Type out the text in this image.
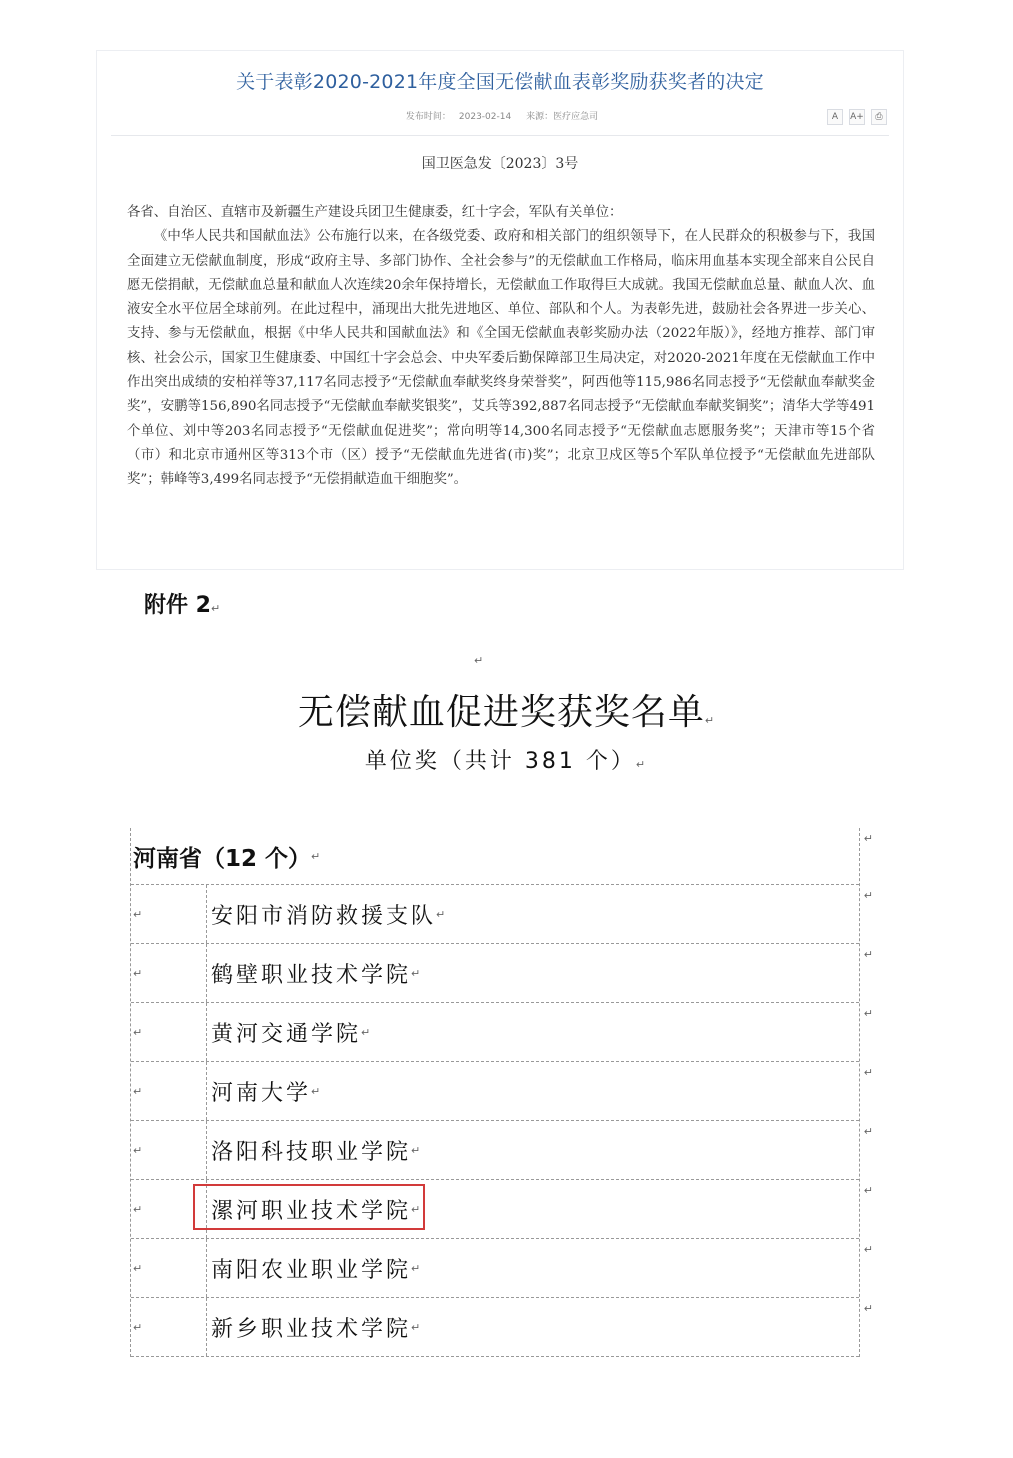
关于表彰2020-2021年度全国无偿献血表彰奖励获奖者的决定
发布时间： 2023-02-14 来源：医疗应急司	A	A+	⎙
国卫医急发〔2023〕3号

各省、自治区、直辖市及新疆生产建设兵团卫生健康委，红十字会，军队有关单位：

《中华人民共和国献血法》公布施行以来，在各级党委、政府和相关部门的组织领导下，在人民群众的积极参与下，我国全面建立无偿献血制度，形成“政府主导、多部门协作、全社会参与”的无偿献血工作格局，临床用血基本实现全部来自公民自愿无偿捐献，无偿献血总量和献血人次连续20余年保持增长，无偿献血工作取得巨大成就。我国无偿献血总量、献血人次、血液安全水平位居全球前列。在此过程中，涌现出大批先进地区、单位、部队和个人。为表彰先进，鼓励社会各界进一步关心、支持、参与无偿献血，根据《中华人民共和国献血法》和《全国无偿献血表彰奖励办法（2022年版）》，经地方推荐、部门审核、社会公示，国家卫生健康委、中国红十字会总会、中央军委后勤保障部卫生局决定，对2020-2021年度在无偿献血工作中作出突出成绩的安柏祥等37,117名同志授予“无偿献血奉献奖终身荣誉奖”，阿西他等115,986名同志授予“无偿献血奉献奖金奖”，安鹏等156,890名同志授予“无偿献血奉献奖银奖”，艾兵等392,887名同志授予“无偿献血奉献奖铜奖”；清华大学等491个单位、刘中等203名同志授予“无偿献血促进奖”；常向明等14,300名同志授予“无偿献血志愿服务奖”；天津市等15个省（市）和北京市通州区等313个市（区）授予“无偿献血先进省(市)奖”；北京卫戍区等5个军队单位授予“无偿献血先进部队奖”；韩峰等3,499名同志授予“无偿捐献造血干细胞奖”。

附件 2↵
↵
无偿献血促进奖获奖名单↵
单位奖（共计 381 个）↵
河南省（12 个） ↵
↵
↵	安阳市消防救援支队 ↵
↵
↵	鹤壁职业技术学院 ↵
↵
↵	黄河交通学院 ↵
↵
↵	河南大学 ↵
↵
↵	洛阳科技职业学院 ↵
↵
↵	漯河职业技术学院 ↵
↵
↵	南阳农业职业学院 ↵
↵
↵	新乡职业技术学院 ↵
↵
